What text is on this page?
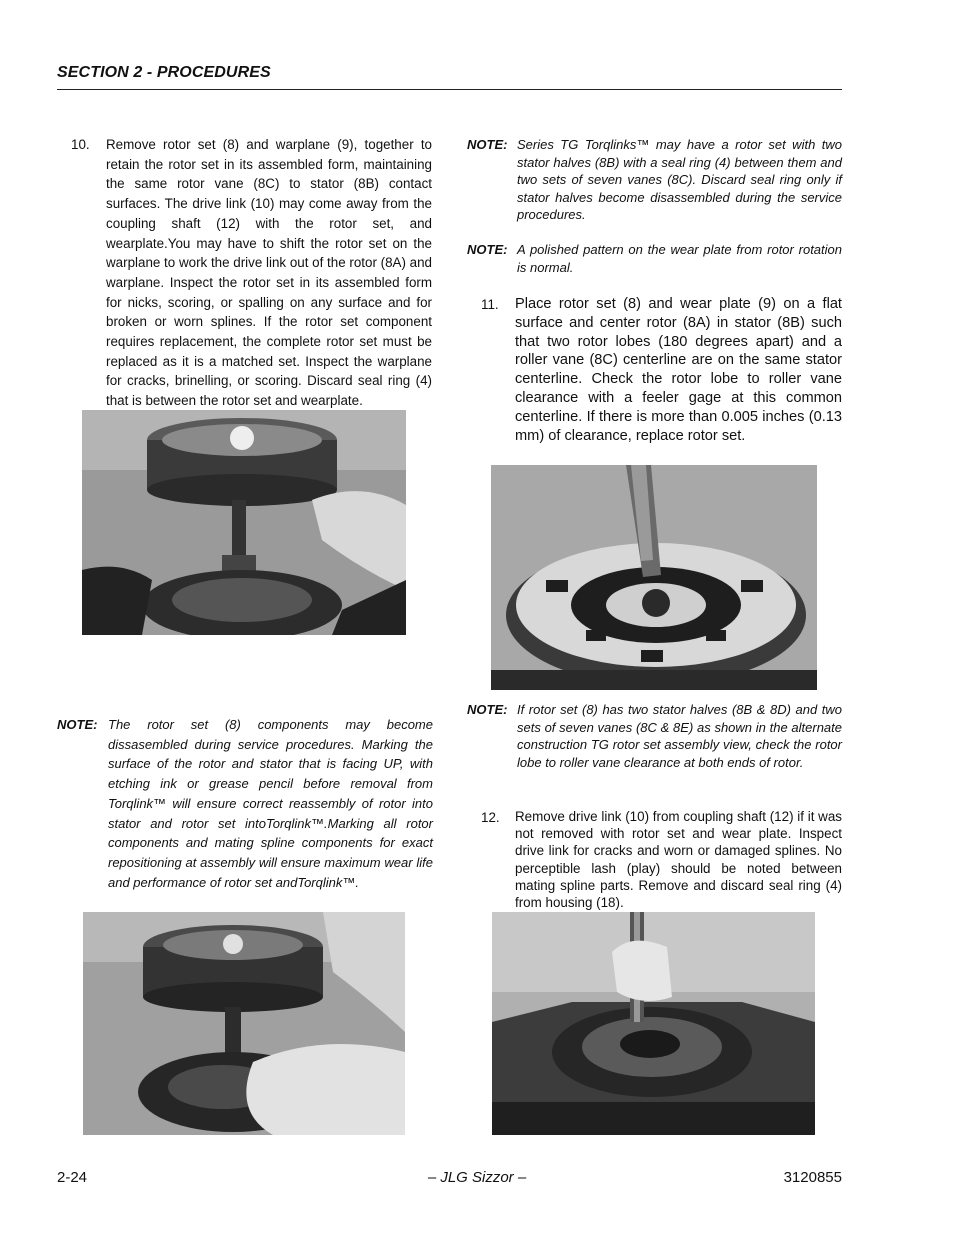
SECTION 2 - PROCEDURES
10. Remove rotor set (8) and warplane (9), together to retain the rotor set in its assembled form, maintaining the same rotor vane (8C) to stator (8B) contact surfaces. The drive link (10) may come away from the coupling shaft (12) with the rotor set, and wearplate.You may have to shift the rotor set on the warplane to work the drive link out of the rotor (8A) and warplane. Inspect the rotor set in its assembled form for nicks, scoring, or spalling on any surface and for broken or worn splines. If the rotor set component requires replacement, the complete rotor set must be replaced as it is a matched set. Inspect the warplane for cracks, brinelling, or scoring. Discard seal ring (4) that is between the rotor set and wearplate.

NOTE: The rotor set (8) components may become dissasembled during service procedures. Marking the surface of the rotor and stator that is facing UP, with etching ink or grease pencil before removal from Torqlink™ will ensure correct reassembly of rotor into stator and rotor set intoTorqlink™.Marking all rotor components and mating spline components for exact repositioning at assembly will ensure maximum wear life and performance of rotor set andTorqlink™.

NOTE: Series TG Torqlinks™ may have a rotor set with two stator halves (8B) with a seal ring (4) between them and two sets of seven vanes (8C). Discard seal ring only if stator halves become disassembled during the service procedures.

NOTE: A polished pattern on the wear plate from rotor rotation is normal.

11. Place rotor set (8) and wear plate (9) on a flat surface and center rotor (8A) in stator (8B) such that two rotor lobes (180 degrees apart) and a roller vane (8C) centerline are on the same stator centerline. Check the rotor lobe to roller vane clearance with a feeler gage at this common centerline. If there is more than 0.005 inches (0.13 mm) of clearance, replace rotor set.

NOTE: If rotor set (8) has two stator halves (8B & 8D) and two sets of seven vanes (8C & 8E) as shown in the alternate construction TG rotor set assembly view, check the rotor lobe to roller vane clearance at both ends of rotor.

12. Remove drive link (10) from coupling shaft (12) if it was not removed with rotor set and wear plate. Inspect drive link for cracks and worn or damaged splines. No perceptible lash (play) should be noted between mating spline parts. Remove and discard seal ring (4) from housing (18).

2-24	– JLG Sizzor –	3120855
